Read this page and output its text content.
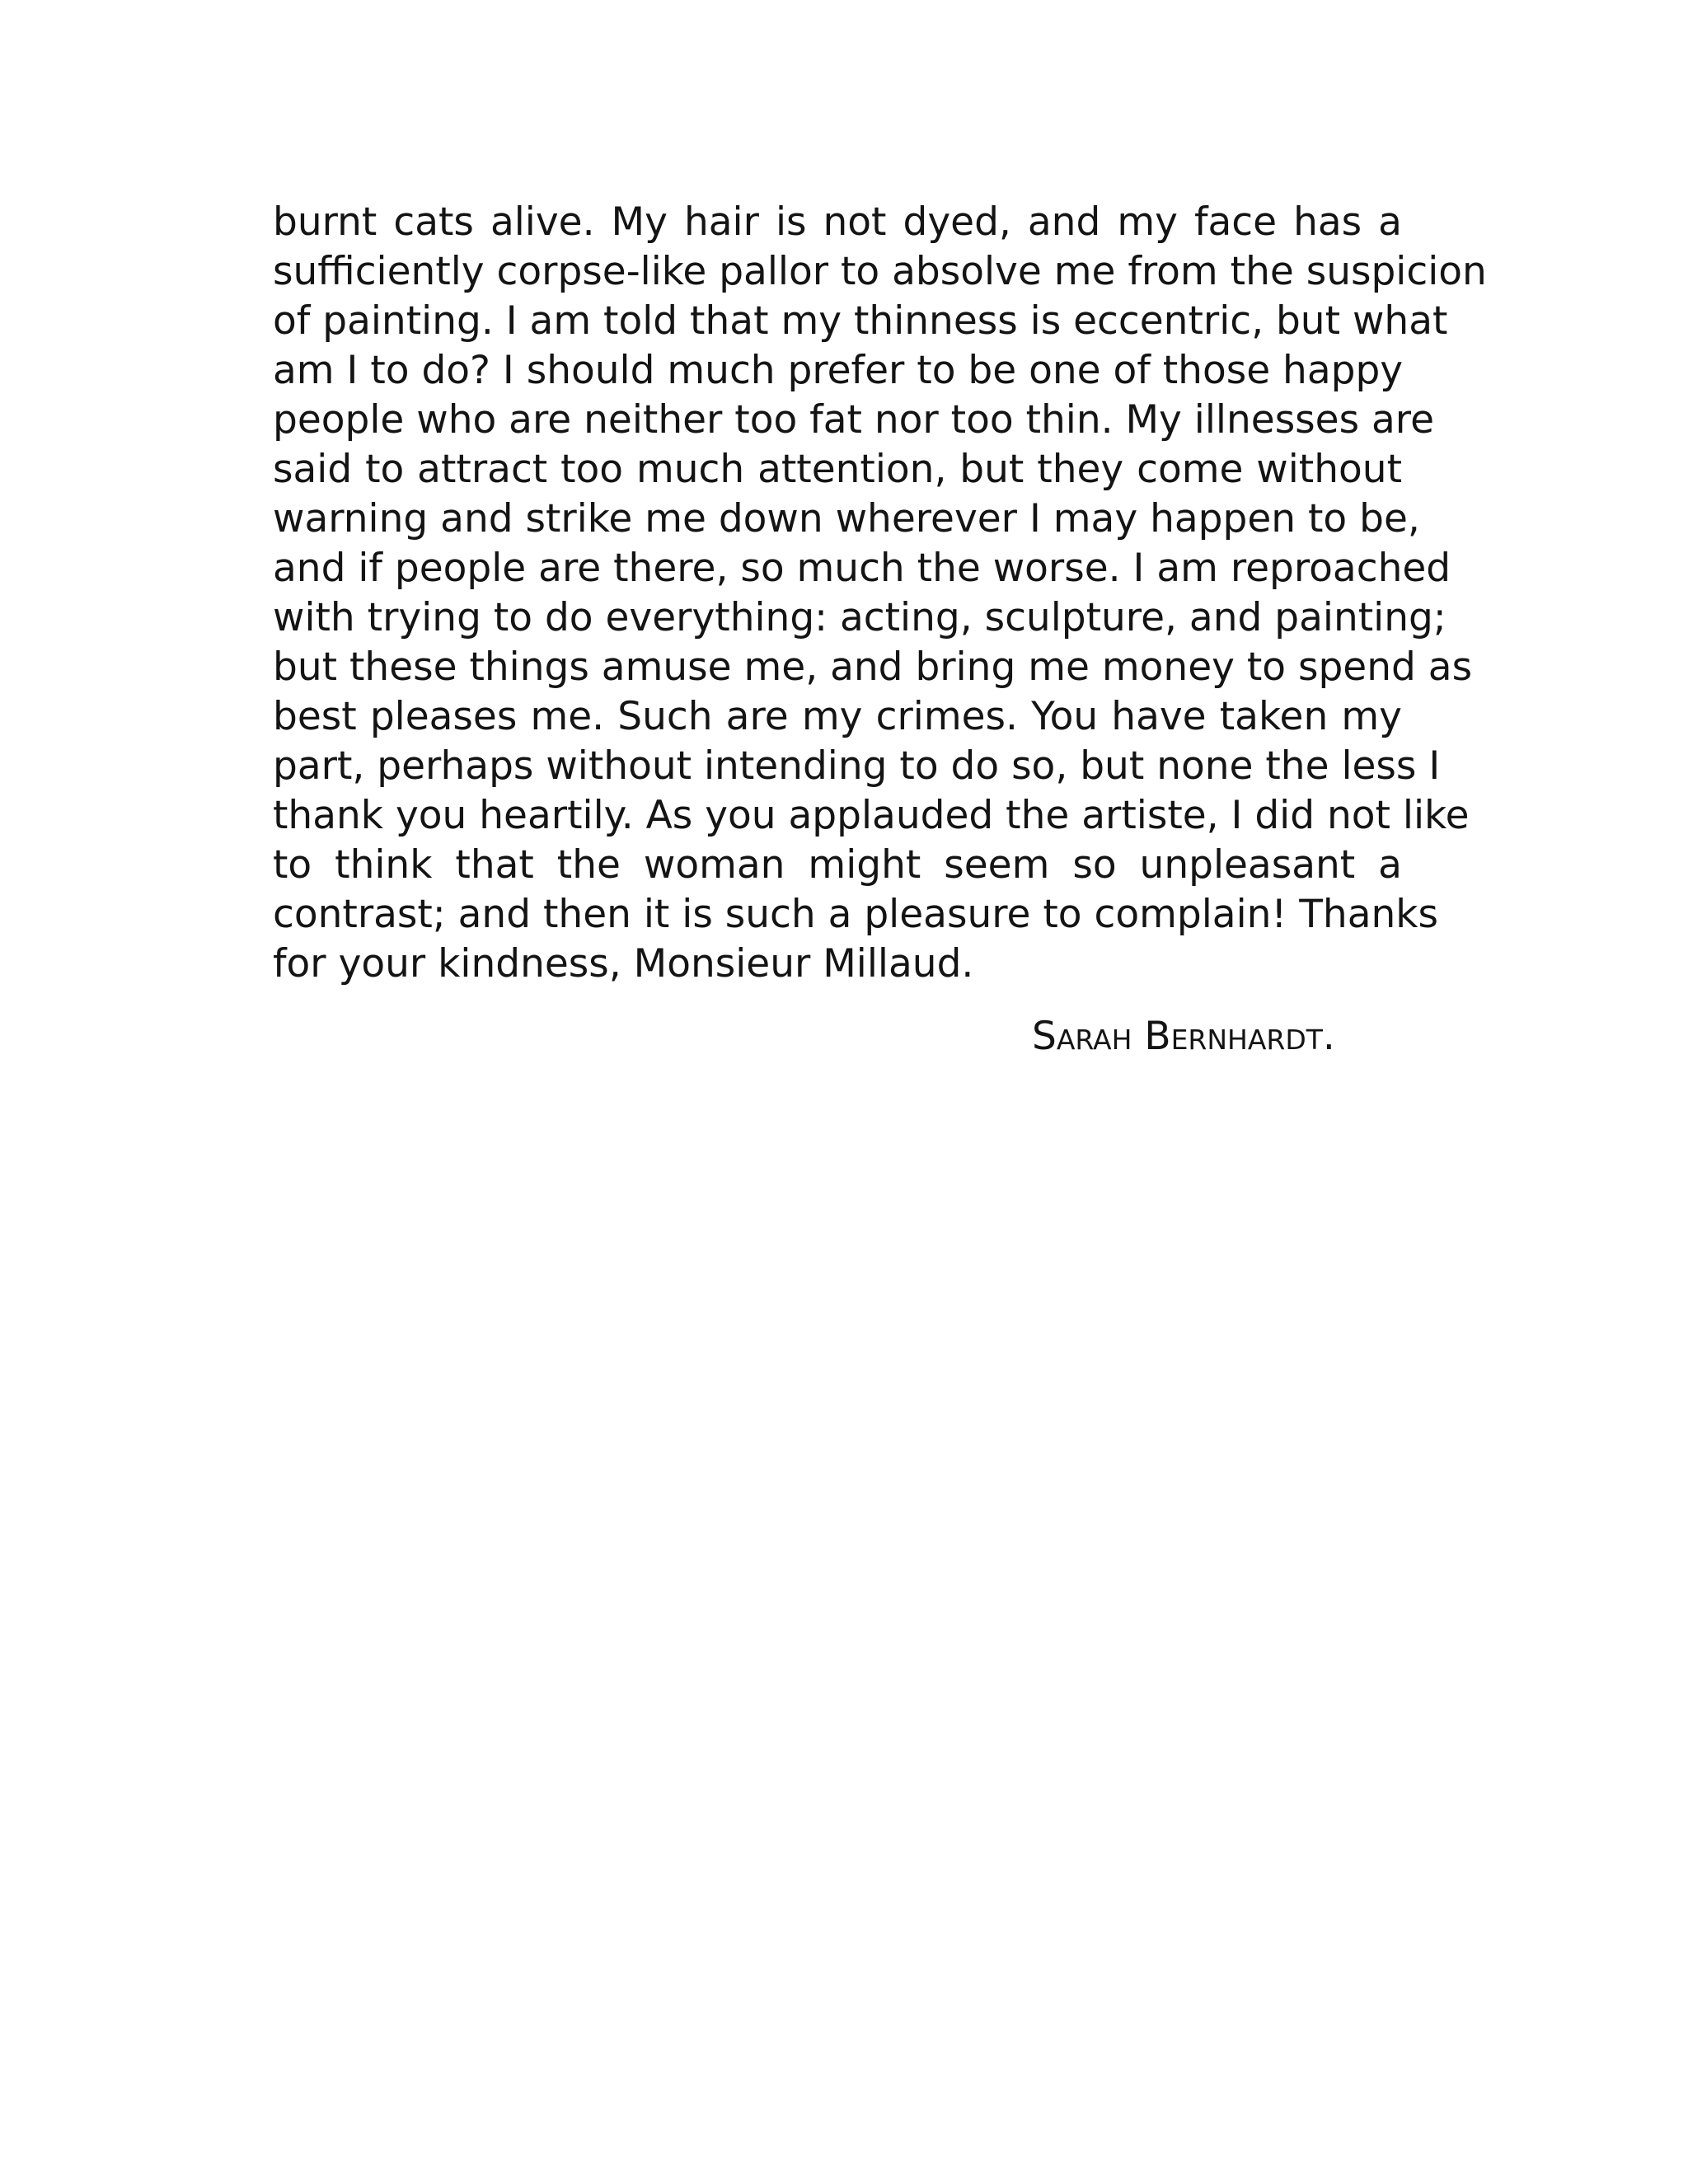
burnt cats alive. My hair is not dyed, and my face has a
sufficiently corpse-like pallor to absolve me from the suspicion
of painting. I am told that my thinness is eccentric, but what
am I to do? I should much prefer to be one of those happy
people who are neither too fat nor too thin. My illnesses are
said to attract too much attention, but they come without
warning and strike me down wherever I may happen to be,
and if people are there, so much the worse. I am reproached
with trying to do everything: acting, sculpture, and painting;
but these things amuse me, and bring me money to spend as
best pleases me. Such are my crimes. You have taken my
part, perhaps without intending to do so, but none the less I
thank you heartily. As you applauded the artiste, I did not like
to think that the woman might seem so unpleasant a
contrast; and then it is such a pleasure to complain! Thanks
for your kindness, Monsieur Millaud.
Sarah Bernhardt.
